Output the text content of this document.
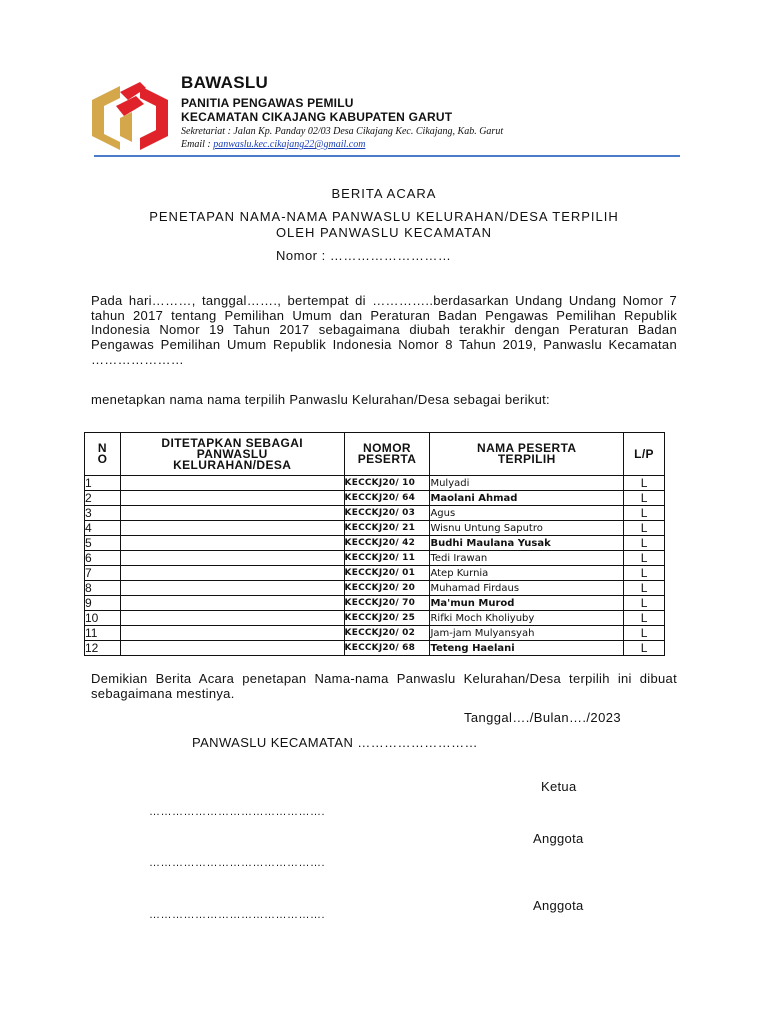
BAWASLU
PANITIA PENGAWAS PEMILU
KECAMATAN CIKAJANG KABUPATEN GARUT
Sekretariat : Jalan Kp. Panday 02/03 Desa Cikajang Kec. Cikajang, Kab. Garut
Email : panwaslu.kec.cikajang22@gmail.com
BERITA ACARA
PENETAPAN NAMA-NAMA PANWASLU KELURAHAN/DESA TERPILIH
OLEH PANWASLU KECAMATAN
Nomor : ………………………
Pada hari………, tanggal……., bertempat di …………..berdasarkan Undang Undang Nomor 7 tahun 2017 tentang Pemilihan Umum dan Peraturan Badan Pengawas Pemilihan Republik Indonesia Nomor 19 Tahun 2017 sebagaimana diubah terakhir dengan Peraturan Badan Pengawas Pemilihan Umum Republik Indonesia Nomor 8 Tahun 2019, Panwaslu Kecamatan …………………
menetapkan nama nama terpilih Panwaslu Kelurahan/Desa sebagai berikut:
N
O	DITETAPKAN SEBAGAI PANWASLU KELURAHAN/DESA	NOMOR PESERTA	NAMA PESERTA TERPILIH	L/P
1		KECCKJ20/ 10	Mulyadi	L
2		KECCKJ20/ 64	Maolani Ahmad	L
3		KECCKJ20/ 03	Agus	L
4		KECCKJ20/ 21	Wisnu Untung Saputro	L
5		KECCKJ20/ 42	Budhi Maulana Yusak	L
6		KECCKJ20/ 11	Tedi Irawan	L
7		KECCKJ20/ 01	Atep Kurnia	L
8		KECCKJ20/ 20	Muhamad Firdaus	L
9		KECCKJ20/ 70	Ma'mun Murod	L
10		KECCKJ20/ 25	Rifki Moch Kholiyuby	L
11		KECCKJ20/ 02	Jam-jam Mulyansyah	L
12		KECCKJ20/ 68	Teteng Haelani	L
Demikian Berita Acara penetapan Nama-nama Panwaslu Kelurahan/Desa terpilih ini dibuat sebagaimana mestinya.
Tanggal…./Bulan…./2023
PANWASLU KECAMATAN ………………………
Ketua
……………………………………….
Anggota
……………………………………….
Anggota
……………………………………….
